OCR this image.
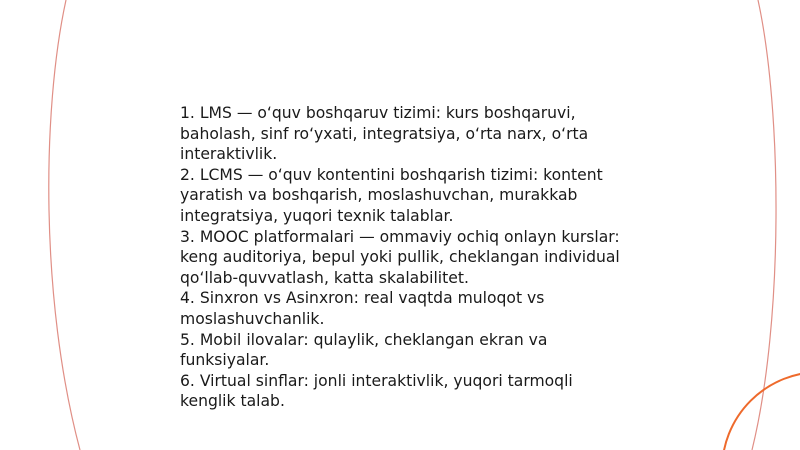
1. LMS — o‘quv boshqaruv tizimi: kurs boshqaruvi, baholash, sinf ro‘yxati, integratsiya, o‘rta narx, o‘rta interaktivlik.
2. LCMS — o‘quv kontentini boshqarish tizimi: kontent yaratish va boshqarish, moslashuvchan, murakkab integratsiya, yuqori texnik talablar.
3. MOOC platformalari — ommaviy ochiq onlayn kurslar: keng auditoriya, bepul yoki pullik, cheklangan individual qo‘llab-quvvatlash, katta skalabilitet.
4. Sinxron vs Asinxron: real vaqtda muloqot vs moslashuvchanlik.
5. Mobil ilovalar: qulaylik, cheklangan ekran va funksiyalar.
6. Virtual sinflar: jonli interaktivlik, yuqori tarmoqli kenglik talab.
